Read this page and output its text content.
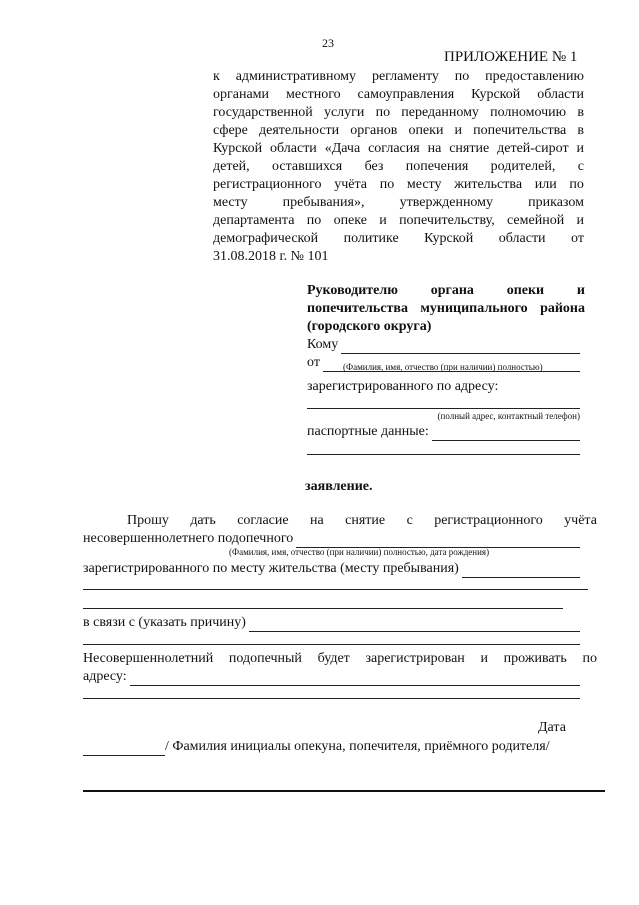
23
ПРИЛОЖЕНИЕ № 1
к административному регламенту по предоставлению
органами местного самоуправления Курской области
государственной услуги по переданному полномочию в
сфере деятельности органов опеки и попечительства в
Курской области «Дача согласия на снятие детей-сирот и
детей, оставшихся без попечения родителей, с
регистрационного учёта по месту жительства или по
месту	пребывания»,	утвержденному	приказом
департамента по опеке и попечительству, семейной и
демографической политике Курской области от
31.08.2018 г. № 101
Руководителю органа опеки и
попечительства муниципального района
(городского округа)
Кому
от	(Фамилия, имя, отчество (при наличии) полностью)
зарегистрированного по адресу:
(полный адрес, контактный телефон)
паспортные данные:
заявление.
Прошу дать согласие на снятие с регистрационного учёта
несовершеннолетнего подопечного
(Фамилия, имя, отчество (при наличии) полностью, дата рождения)
зарегистрированного по месту жительства (месту пребывания)
в связи с (указать причину)
Несовершеннолетний подопечный будет зарегистрирован и проживать по
адресу:
Дата
/ Фамилия инициалы опекуна, попечителя, приёмного родителя/
